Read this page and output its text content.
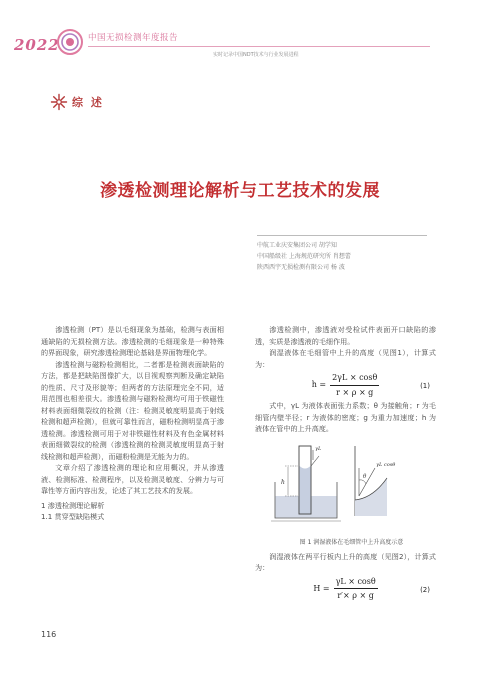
2022	中国无损检测年度报告
实时记录中国NDT技术与行业发展进程
综 述
渗透检测理论解析与工艺技术的发展
中航工业庆安集团公司 胡学知
中国船级社 上海规范研究所 肖想蕾
陕西西宇无损检测有限公司 杨 波

渗透检测（PT）是以毛细现象为基础，检测与表面相通缺陷的无损检测方法。渗透检测的毛细现象是一种特殊的界面现象，研究渗透检测理论基础是界面物理化学。

渗透检测与磁粉检测相比，二者都是检测表面缺陷的方法，都是把缺陷图像扩大，以目视观察判断及确定缺陷的性质、尺寸及形貌等；但两者的方法原理完全不同，适用范围也相差很大。渗透检测与磁粉检测均可用于铁磁性材料表面细微裂纹的检测（注：检测灵敏度明显高于射线检测和超声检测），但就可靠性而言，磁粉检测明显高于渗透检测。渗透检测可用于对非铁磁性材料及有色金属材料表面细微裂纹的检测（渗透检测的检测灵敏度明显高于射线检测和超声检测），而磁粉检测是无能为力的。

文章介绍了渗透检测的理论和应用概况，并从渗透液、检测标准、检测程序，以及检测灵敏度、分辨力与可靠性等方面内容出发，论述了其工艺技术的发展。

1 渗透检测理论解析

1.1 贯穿型缺陷模式

渗透检测中，渗透液对受检试件表面开口缺陷的渗透，实质是渗透液的毛细作用。

润湿液体在毛细管中上升的高度（见图1），计算式为：

$h = \frac{2\gamma L \times \cos\theta}{r \times \rho \times g}$	(1)

式中，γL 为液体表面张力系数；θ 为接触角；r 为毛细管内壁半径；r 为液体的密度；g 为重力加速度；h 为液体在管中的上升高度。

h
γL
θ
γL cosθ

图 1 润湿液体在毛细管中上升高度示意

润湿液体在两平行板内上升的高度（见图2），计算式为：

$H = \frac{\gamma L \times \cos\theta}{r'\times \rho \times g}$	(2)
116
